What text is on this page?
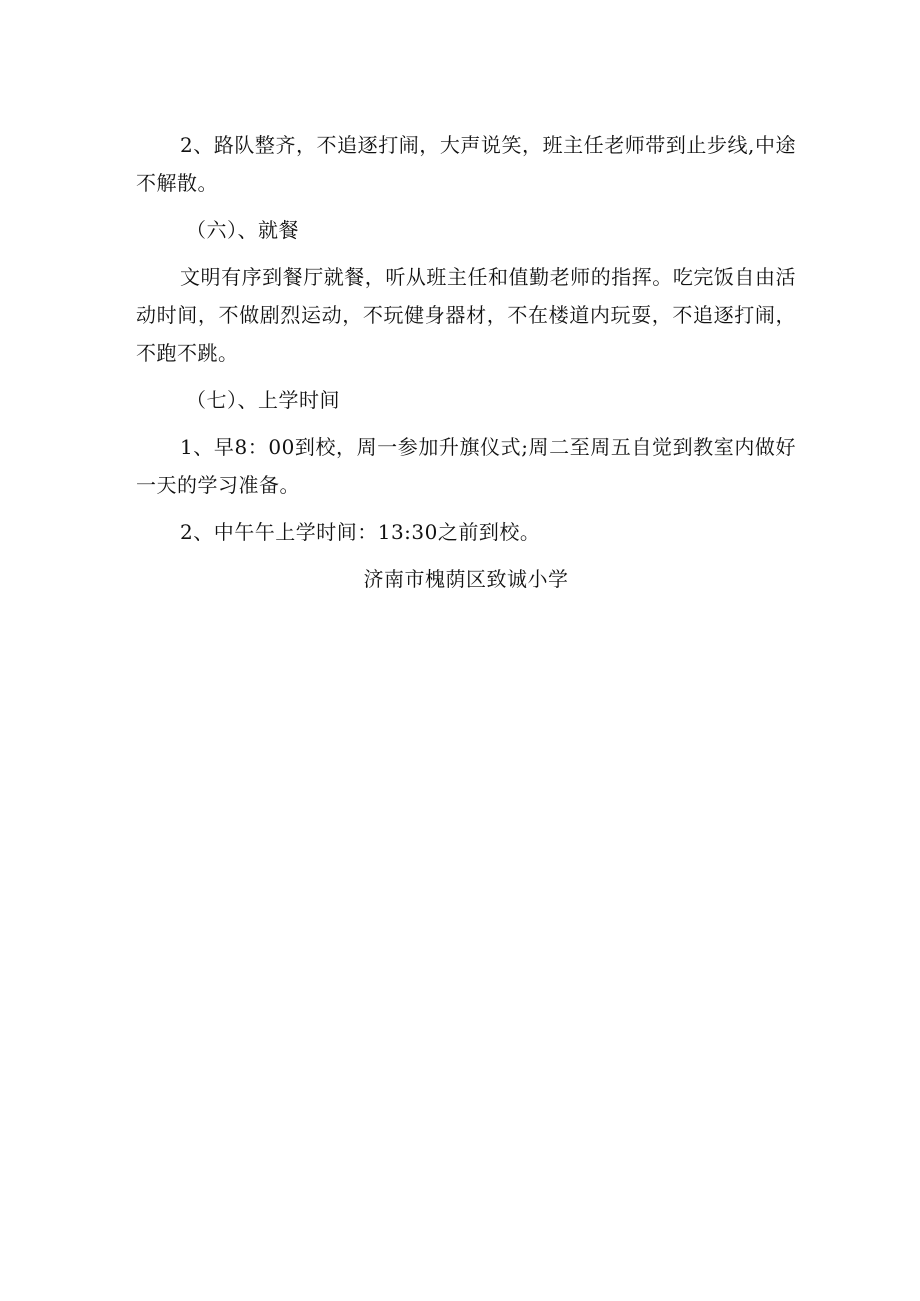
2、路队整齐，不追逐打闹，大声说笑，班主任老师带到止步线,中途不解散。

（六）、就餐

文明有序到餐厅就餐，听从班主任和值勤老师的指挥。吃完饭自由活动时间，不做剧烈运动，不玩健身器材，不在楼道内玩耍，不追逐打闹，不跑不跳。

（七）、上学时间

1、早8：00到校，周一参加升旗仪式;周二至周五自觉到教室内做好一天的学习准备。

2、中午午上学时间：13:30之前到校。

济南市槐荫区致诚小学
